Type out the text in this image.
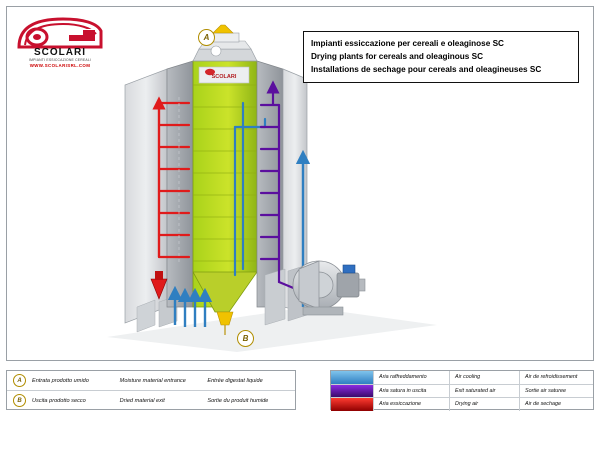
SCOLARI
A
B
SCOLARI
IMPIANTI ESSICCAZIONE CEREALI
WWW.SCOLARISRL.COM
Impianti essiccazione per cereali e oleaginose SC
Drying plants for cereals and oleaginous SC
Installations de sechage pour cereals and oleagineuses SC
A	Entrata prodotto umido	Moisture material entrance	Entrée digestat liquide
B	Uscita prodotto secco	Dried material exit	Sortie du produit humide
Aria raffreddamento	Air cooling	Air de refroidissement
Aria satura in uscita	Exit saturated air	Sortie air saturee
Aria essiccazione	Drying air	Air de sechage
